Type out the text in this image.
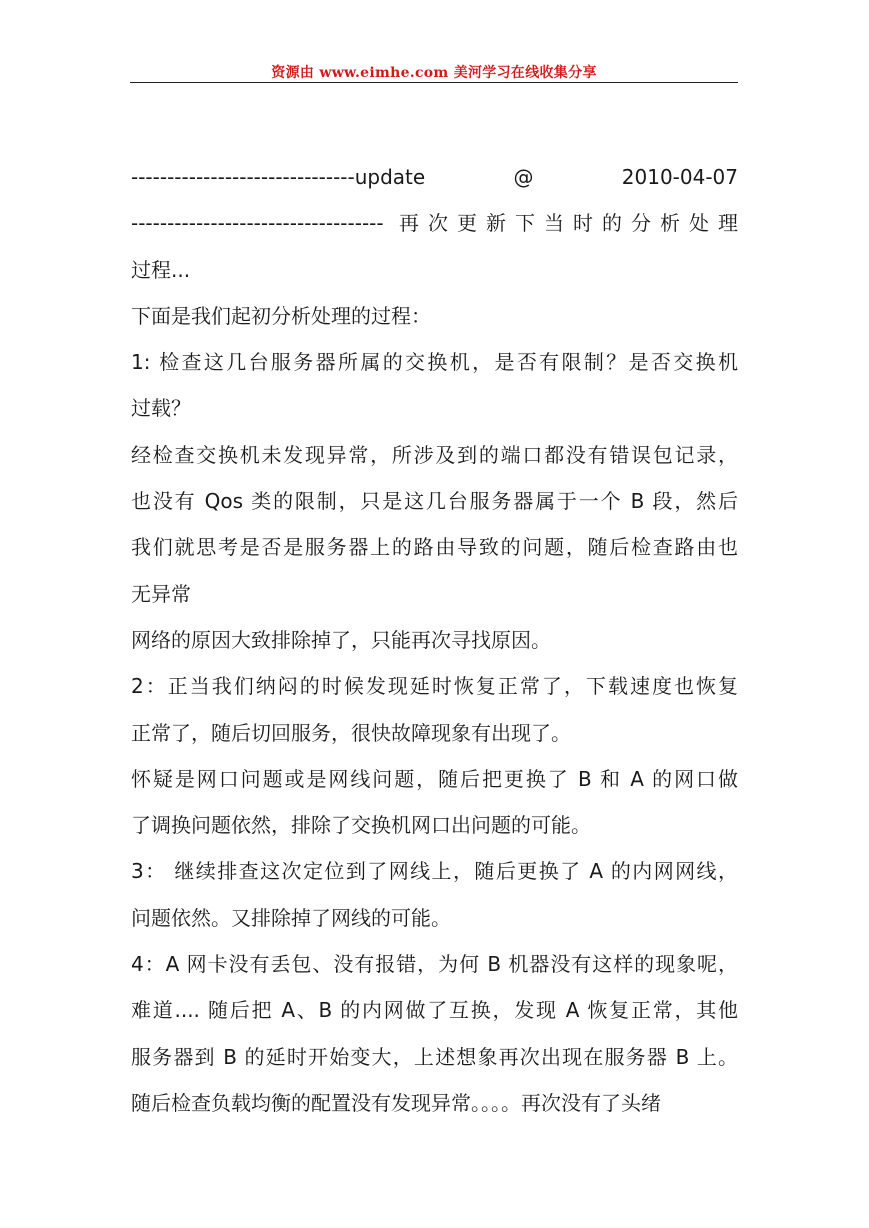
资源由 www.eimhe.com 美河学习在线收集分享
-------------------------------update @ 2010-04-07
----------------------------------- 再次更新下当时的分析处理
过程...
下面是我们起初分析处理的过程：
1: 检查这几台服务器所属的交换机，是否有限制？是否交换机
过载？
经检查交换机未发现异常，所涉及到的端口都没有错误包记录，
也没有 Qos 类的限制，只是这几台服务器属于一个 B 段，然后
我们就思考是否是服务器上的路由导致的问题，随后检查路由也
无异常
网络的原因大致排除掉了，只能再次寻找原因。
2：正当我们纳闷的时候发现延时恢复正常了，下载速度也恢复
正常了，随后切回服务，很快故障现象有出现了。
怀疑是网口问题或是网线问题，随后把更换了 B 和 A 的网口做
了调换问题依然，排除了交换机网口出问题的可能。
3： 继续排查这次定位到了网线上，随后更换了 A 的内网网线，
问题依然。又排除掉了网线的可能。
4：A 网卡没有丢包、没有报错，为何 B 机器没有这样的现象呢，
难道.... 随后把 A、B 的内网做了互换，发现 A 恢复正常，其他
服务器到 B 的延时开始变大，上述想象再次出现在服务器 B 上。
随后检查负载均衡的配置没有发现异常。。。。再次没有了头绪
